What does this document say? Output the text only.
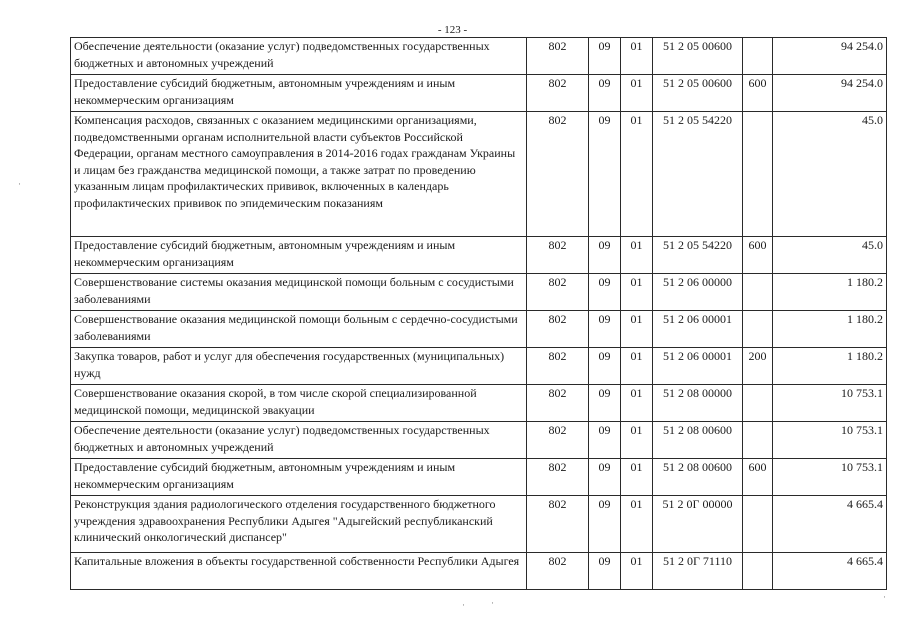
- 123 -
Обеспечение деятельности (оказание услуг) подведомственных государственных бюджетных и автономных учреждений	802	09	01	51 2 05 00600		94 254.0
Предоставление субсидий бюджетным, автономным учреждениям и иным некоммерческим организациям	802	09	01	51 2 05 00600	600	94 254.0
Компенсация расходов, связанных с оказанием медицинскими организациями, подведомственными органам исполнительной власти субъектов Российской Федерации, органам местного самоуправления в 2014-2016 годах гражданам Украины и лицам без гражданства медицинской помощи, а также затрат по проведению указанным лицам профилактических прививок, включенных в календарь профилактических прививок по эпидемическим показаниям	802	09	01	51 2 05 54220		45.0
Предоставление субсидий бюджетным, автономным учреждениям и иным некоммерческим организациям	802	09	01	51 2 05 54220	600	45.0
Совершенствование системы оказания медицинской помощи больным с сосудистыми заболеваниями	802	09	01	51 2 06 00000		1 180.2
Совершенствование оказания медицинской помощи больным с сердечно-сосудистыми заболеваниями	802	09	01	51 2 06 00001		1 180.2
Закупка товаров, работ и услуг для обеспечения государственных (муниципальных) нужд	802	09	01	51 2 06 00001	200	1 180.2
Совершенствование оказания скорой, в том числе скорой специализированной медицинской помощи, медицинской эвакуации	802	09	01	51 2 08 00000		10 753.1
Обеспечение деятельности (оказание услуг) подведомственных государственных бюджетных и автономных учреждений	802	09	01	51 2 08 00600		10 753.1
Предоставление субсидий бюджетным, автономным учреждениям и иным некоммерческим организациям	802	09	01	51 2 08 00600	600	10 753.1
Реконструкция здания радиологического отделения государственного бюджетного учреждения здравоохранения Республики Адыгея "Адыгейский республиканский клинический онкологический диспансер"	802	09	01	51 2 0Г 00000		4 665.4
Капитальные вложения в объекты государственной собственности Республики Адыгея	802	09	01	51 2 0Г 71110		4 665.4
·
·	·
·
